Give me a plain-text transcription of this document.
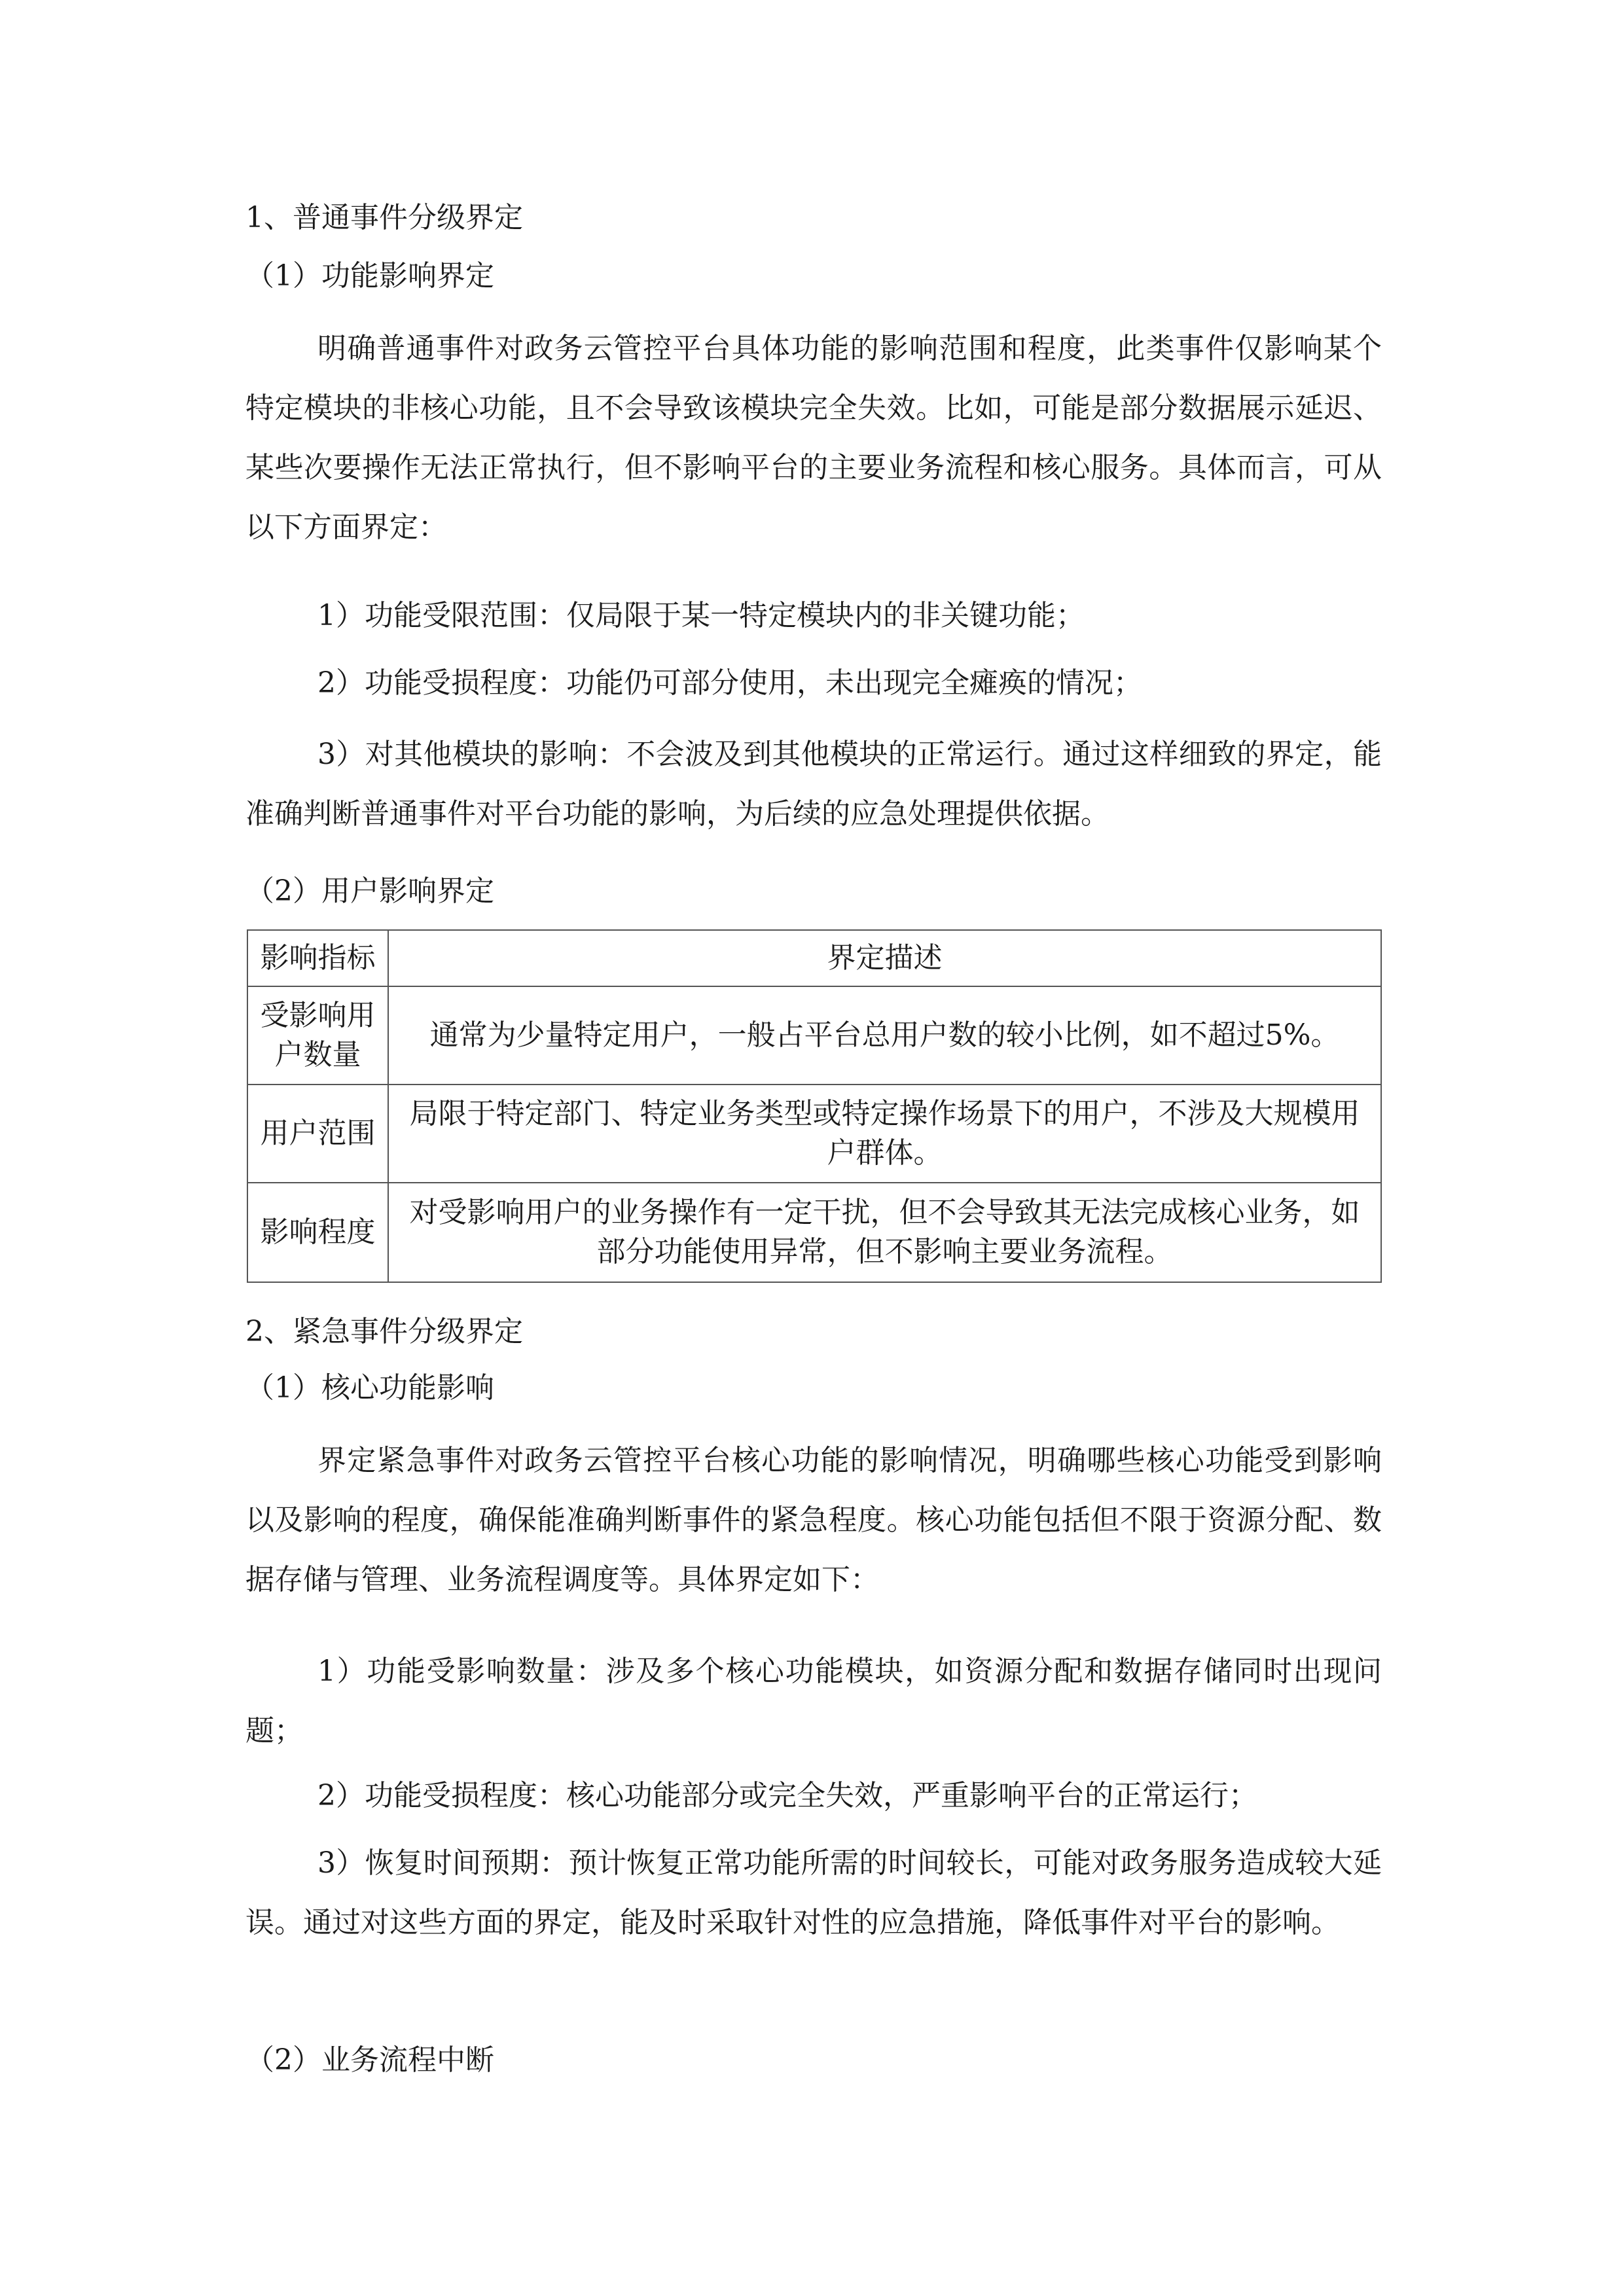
1、普通事件分级界定
（1）功能影响界定
明确普通事件对政务云管控平台具体功能的影响范围和程度，此类事件仅影响某个特定模块的非核心功能，且不会导致该模块完全失效。比如，可能是部分数据展示延迟、某些次要操作无法正常执行，但不影响平台的主要业务流程和核心服务。具体而言，可从以下方面界定：
1）功能受限范围：仅局限于某一特定模块内的非关键功能；
2）功能受损程度：功能仍可部分使用，未出现完全瘫痪的情况；
3）对其他模块的影响：不会波及到其他模块的正常运行。通过这样细致的界定，能准确判断普通事件对平台功能的影响，为后续的应急处理提供依据。
（2）用户影响界定
影响指标	界定描述
受影响用户数量	通常为少量特定用户，一般占平台总用户数的较小比例，如不超过5%。
用户范围	局限于特定部门、特定业务类型或特定操作场景下的用户，不涉及大规模用户群体。
影响程度	对受影响用户的业务操作有一定干扰，但不会导致其无法完成核心业务，如部分功能使用异常，但不影响主要业务流程。
2、紧急事件分级界定
（1）核心功能影响
界定紧急事件对政务云管控平台核心功能的影响情况，明确哪些核心功能受到影响以及影响的程度，确保能准确判断事件的紧急程度。核心功能包括但不限于资源分配、数据存储与管理、业务流程调度等。具体界定如下：
1）功能受影响数量：涉及多个核心功能模块，如资源分配和数据存储同时出现问题；
2）功能受损程度：核心功能部分或完全失效，严重影响平台的正常运行；
3）恢复时间预期：预计恢复正常功能所需的时间较长，可能对政务服务造成较大延误。通过对这些方面的界定，能及时采取针对性的应急措施，降低事件对平台的影响。
（2）业务流程中断
